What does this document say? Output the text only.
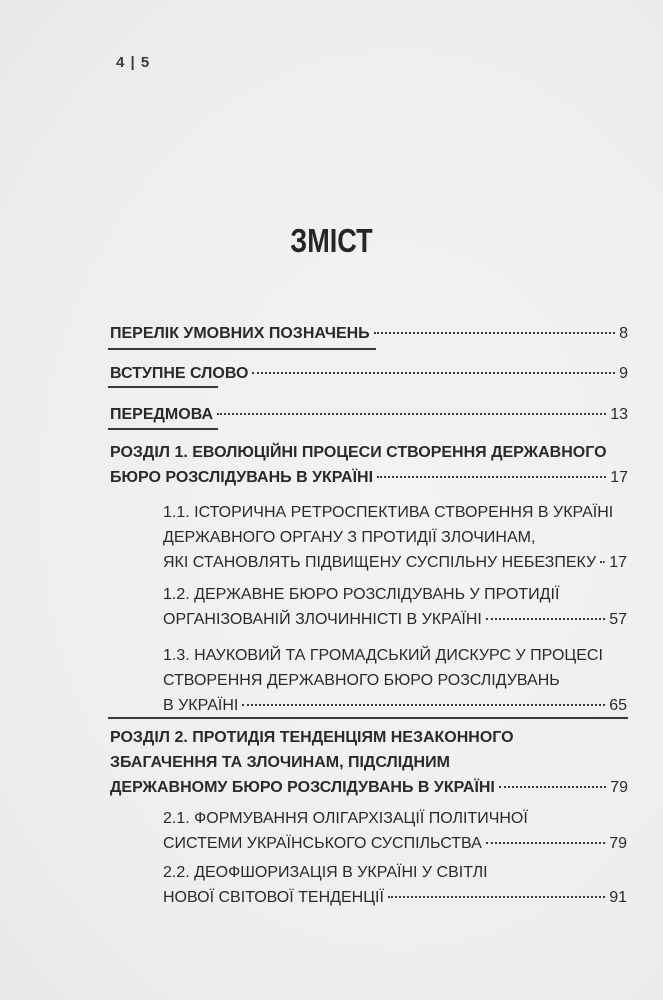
4 | 5
ЗМІСТ
ПЕРЕЛІК УМОВНИХ ПОЗНАЧЕНЬ	8
ВСТУПНЕ СЛОВО	9
ПЕРЕДМОВА	13
РОЗДІЛ 1. ЕВОЛЮЦІЙНІ ПРОЦЕСИ СТВОРЕННЯ ДЕРЖАВНОГО
БЮРО РОЗСЛІДУВАНЬ В УКРАЇНІ	17
1.1. ІСТОРИЧНА РЕТРОСПЕКТИВА СТВОРЕННЯ В УКРАЇНІ
ДЕРЖАВНОГО ОРГАНУ З ПРОТИДІЇ ЗЛОЧИНАМ,
ЯКІ СТАНОВЛЯТЬ ПІДВИЩЕНУ СУСПІЛЬНУ НЕБЕЗПЕКУ 17
1.2. ДЕРЖАВНЕ БЮРО РОЗСЛІДУВАНЬ У ПРОТИДІЇ
ОРГАНІЗОВАНІЙ ЗЛОЧИННІСТІ В УКРАЇНІ	57
1.3. НАУКОВИЙ ТА ГРОМАДСЬКИЙ ДИСКУРС У ПРОЦЕСІ
СТВОРЕННЯ ДЕРЖАВНОГО БЮРО РОЗСЛІДУВАНЬ
В УКРАЇНІ	65
РОЗДІЛ 2. ПРОТИДІЯ ТЕНДЕНЦІЯМ НЕЗАКОННОГО
ЗБАГАЧЕННЯ ТА ЗЛОЧИНАМ, ПІДСЛІДНИМ
ДЕРЖАВНОМУ БЮРО РОЗСЛІДУВАНЬ В УКРАЇНІ	79
2.1. ФОРМУВАННЯ ОЛІГАРХІЗАЦІЇ ПОЛІТИЧНОЇ
СИСТЕМИ УКРАЇНСЬКОГО СУСПІЛЬСТВА	79
2.2. ДЕОФШОРИЗАЦІЯ В УКРАЇНІ У СВІТЛІ
НОВОЇ СВІТОВОЇ ТЕНДЕНЦІЇ	91
